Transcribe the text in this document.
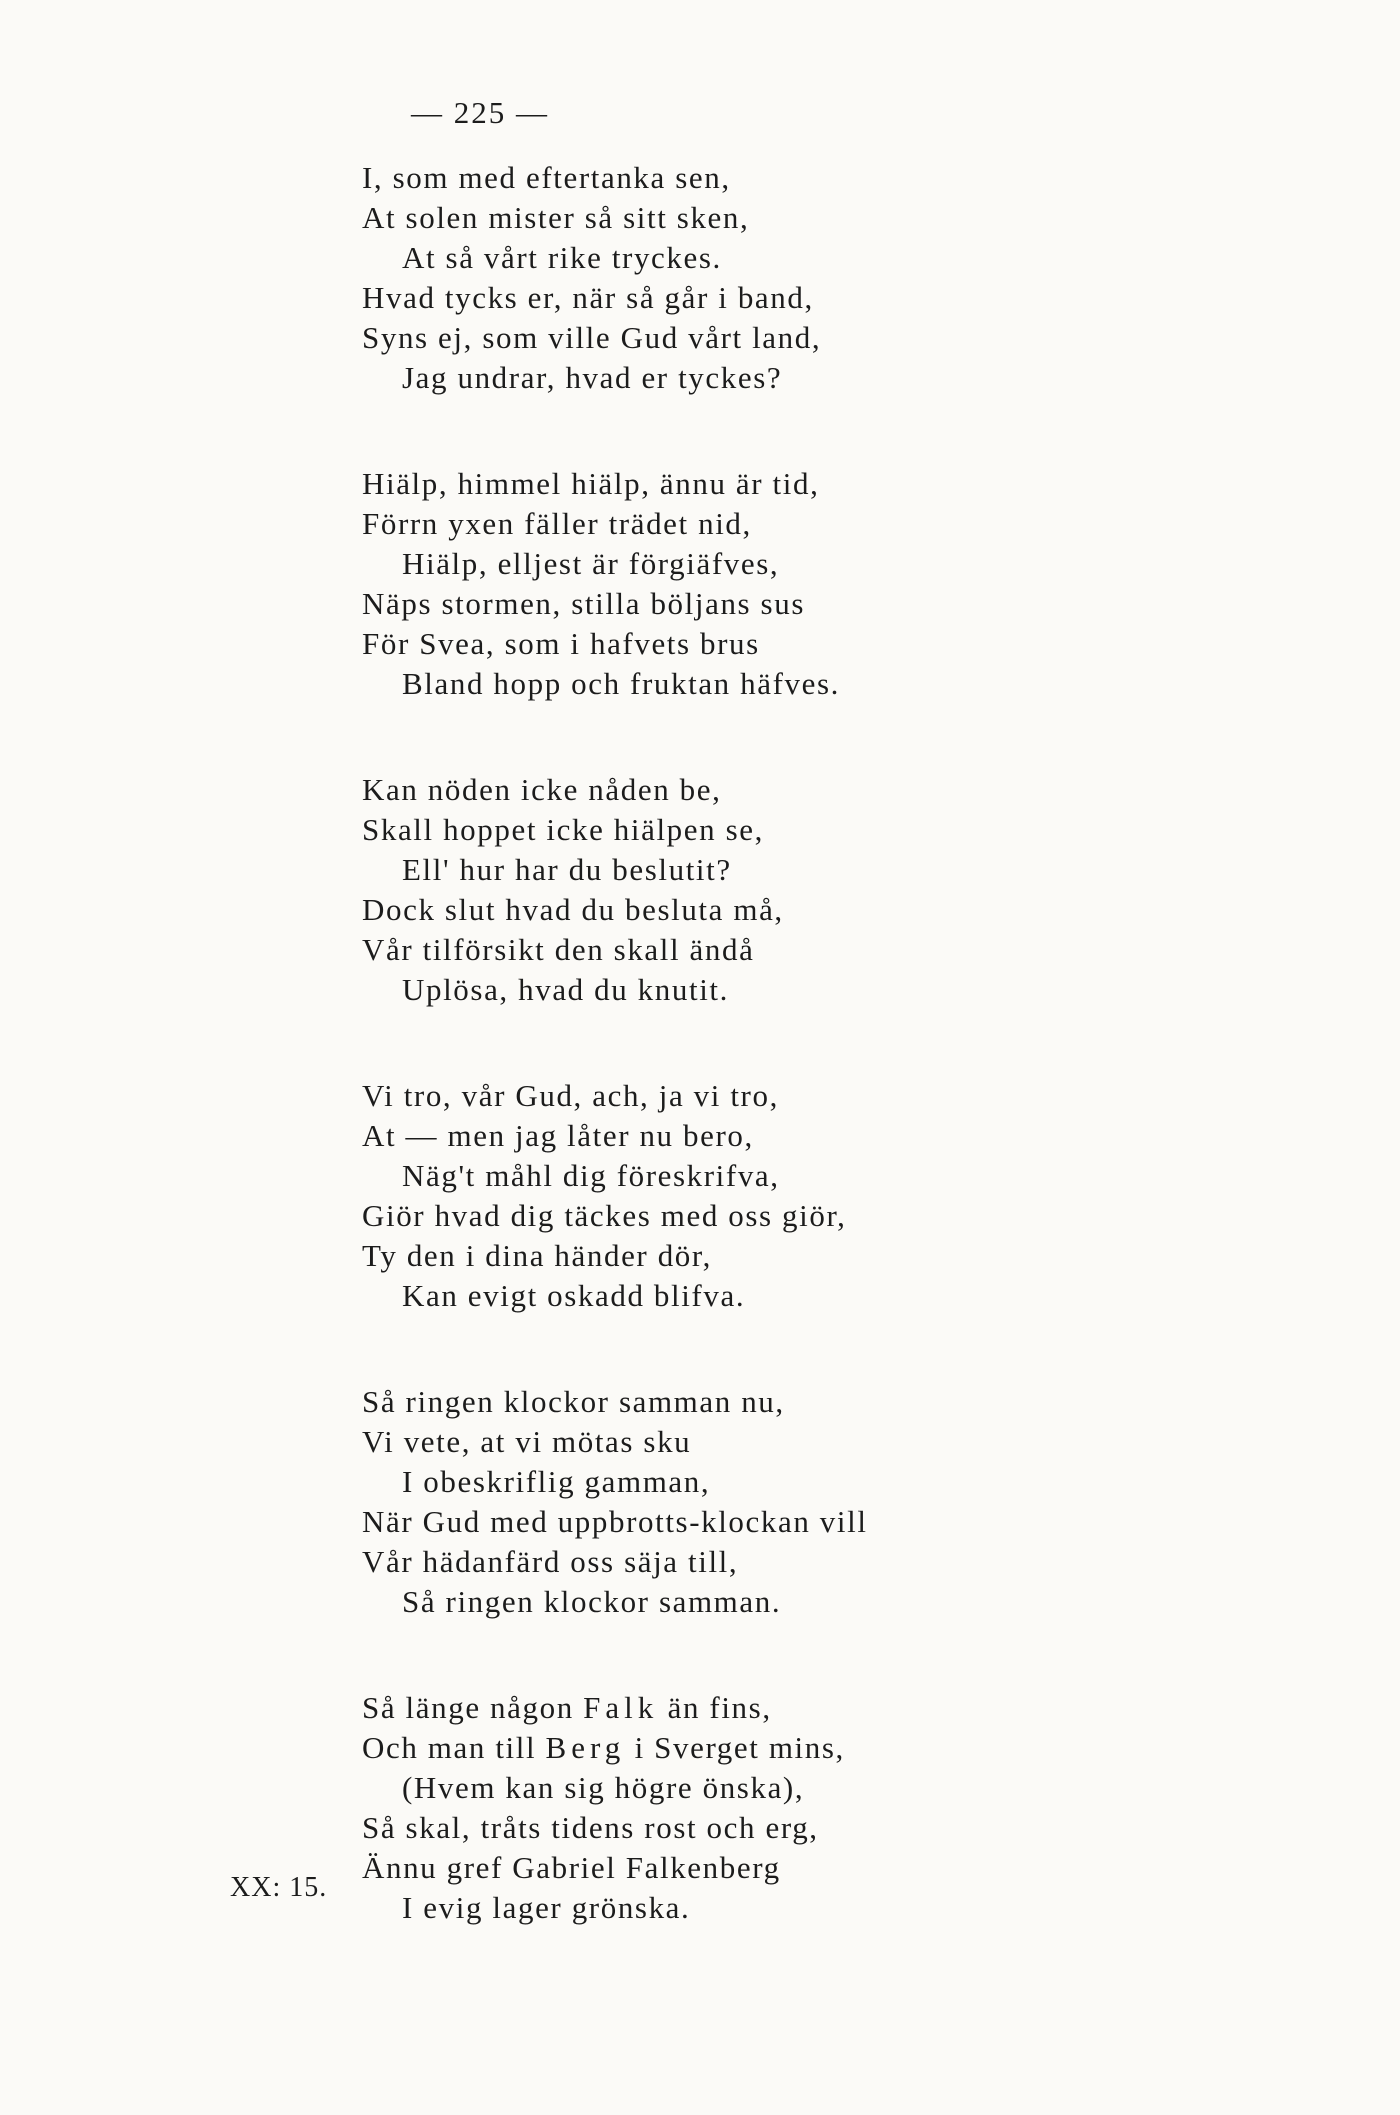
— 225 —
I, som med eftertanka sen,
At solen mister så sitt sken,
At så vårt rike tryckes.
Hvad tycks er, när så går i band,
Syns ej, som ville Gud vårt land,
Jag undrar, hvad er tyckes?
Hiälp, himmel hiälp, ännu är tid,
Förrn yxen fäller trädet nid,
Hiälp, elljest är förgiäfves,
Näps stormen, stilla böljans sus
För Svea, som i hafvets brus
Bland hopp och fruktan häfves.
Kan nöden icke nåden be,
Skall hoppet icke hiälpen se,
Ell' hur har du beslutit?
Dock slut hvad du besluta må,
Vår tilförsikt den skall ändå
Uplösa, hvad du knutit.
Vi tro, vår Gud, ach, ja vi tro,
At — men jag låter nu bero,
Näg't måhl dig föreskrifva,
Giör hvad dig täckes med oss giör,
Ty den i dina händer dör,
Kan evigt oskadd blifva.
Så ringen klockor samman nu,
Vi vete, at vi mötas sku
I obeskriflig gamman,
När Gud med uppbrotts-klockan vill
Vår hädanfärd oss säja till,
Så ringen klockor samman.
Så länge någon Falk än fins,
Och man till Berg i Sverget mins,
(Hvem kan sig högre önska),
Så skal, tråts tidens rost och erg,
Ännu gref Gabriel Falkenberg
I evig lager grönska.
XX: 15.
